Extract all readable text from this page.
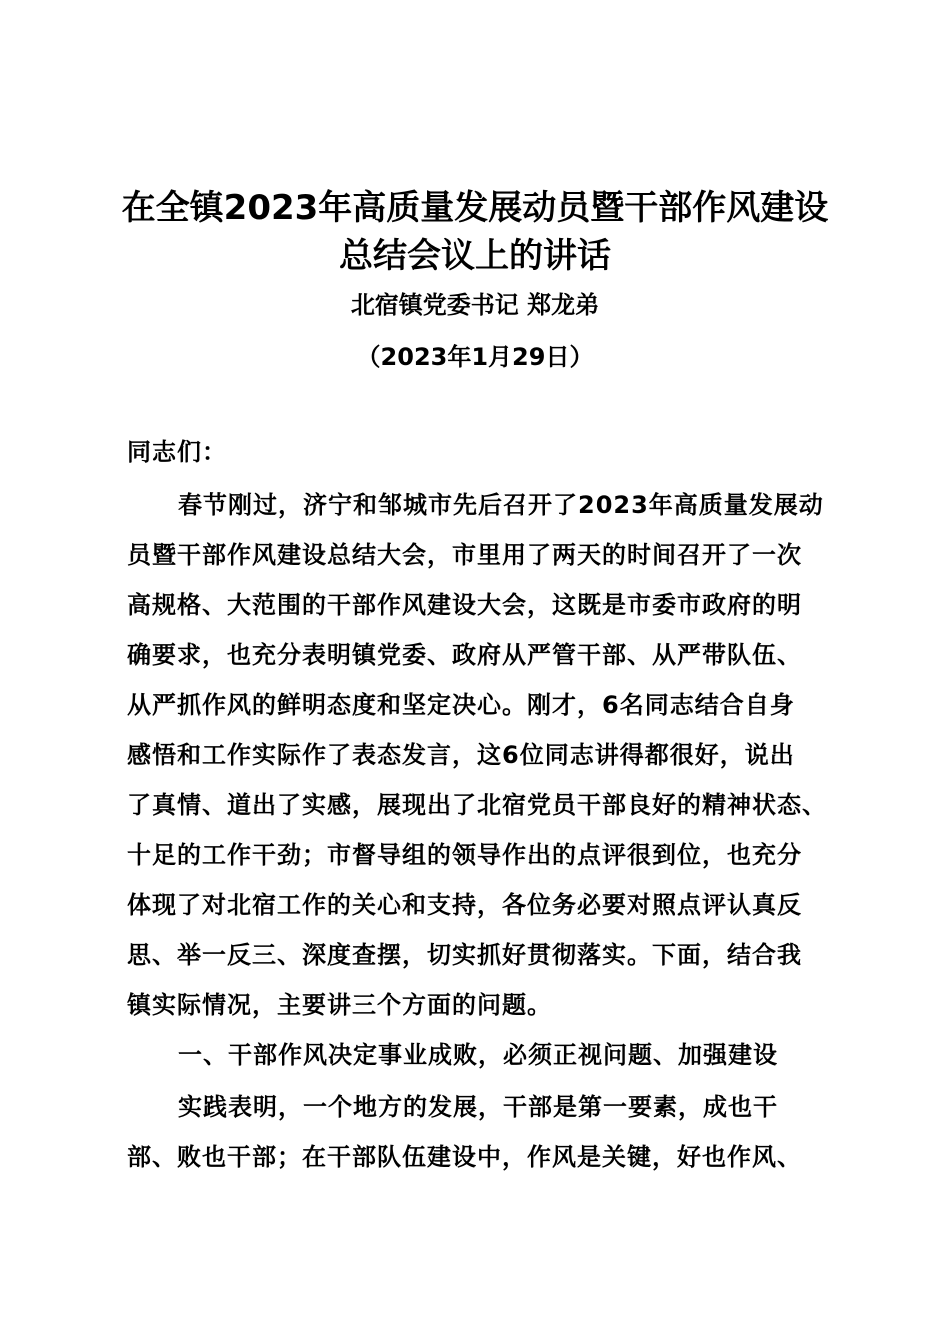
在全镇2023年高质量发展动员暨干部作风建设
总结会议上的讲话
北宿镇党委书记 郑龙弟
（2023年1月29日）
同志们：
春节刚过，济宁和邹城市先后召开了2023年高质量发展动
员暨干部作风建设总结大会，市里用了两天的时间召开了一次
高规格、大范围的干部作风建设大会，这既是市委市政府的明
确要求，也充分表明镇党委、政府从严管干部、从严带队伍、
从严抓作风的鲜明态度和坚定决心。刚才，6名同志结合自身
感悟和工作实际作了表态发言，这6位同志讲得都很好，说出
了真情、道出了实感，展现出了北宿党员干部良好的精神状态、
十足的工作干劲；市督导组的领导作出的点评很到位，也充分
体现了对北宿工作的关心和支持，各位务必要对照点评认真反
思、举一反三、深度查摆，切实抓好贯彻落实。下面，结合我
镇实际情况，主要讲三个方面的问题。
一、干部作风决定事业成败，必须正视问题、加强建设
实践表明，一个地方的发展，干部是第一要素，成也干
部、败也干部；在干部队伍建设中，作风是关键，好也作风、
